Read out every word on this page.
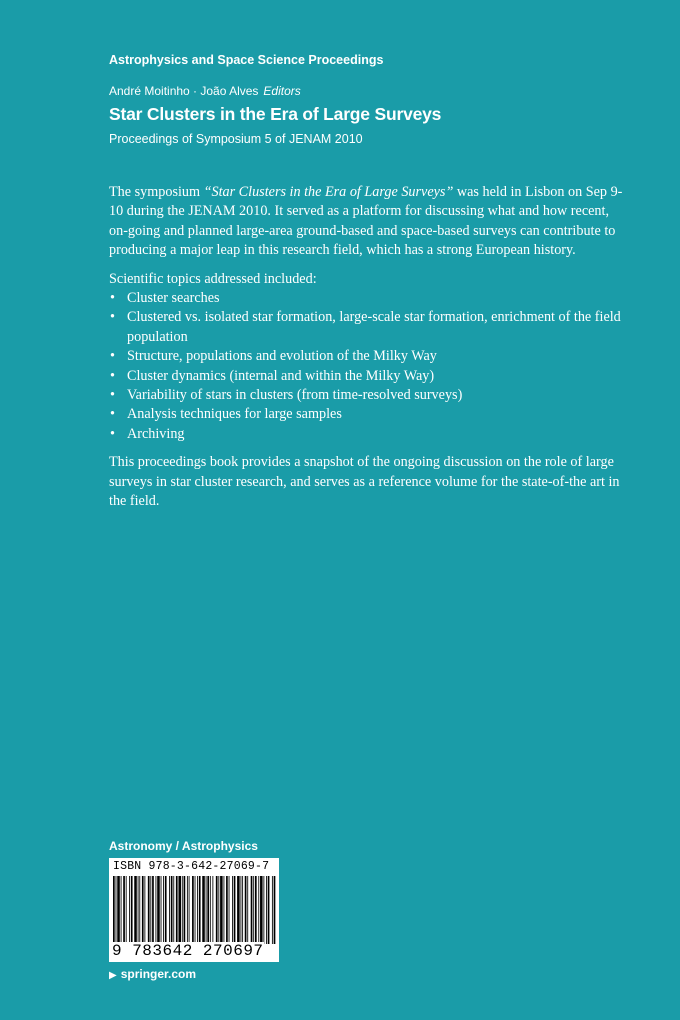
Astrophysics and Space Science Proceedings
André Moitinho · João Alves Editors
Star Clusters in the Era of Large Surveys
Proceedings of Symposium 5 of JENAM 2010

The symposium “Star Clusters in the Era of Large Surveys” was held in Lisbon on Sep 9-10 during the JENAM 2010. It served as a platform for discussing what and how recent, on-going and planned large-area ground-based and space-based surveys can contribute to producing a major leap in this research field, which has a strong European history.

Scientific topics addressed included:
• Cluster searches
• Clustered vs. isolated star formation, large-scale star formation, enrichment of the field population
• Structure, populations and evolution of the Milky Way
• Cluster dynamics (internal and within the Milky Way)
• Variability of stars in clusters (from time-resolved surveys)
• Analysis techniques for large samples
• Archiving

This proceedings book provides a snapshot of the ongoing discussion on the role of large surveys in star cluster research, and serves as a reference volume for the state-of-the art in the field.

Astronomy / Astrophysics
ISBN 978-3-642-27069-7
9 783642 270697
▶ springer.com
